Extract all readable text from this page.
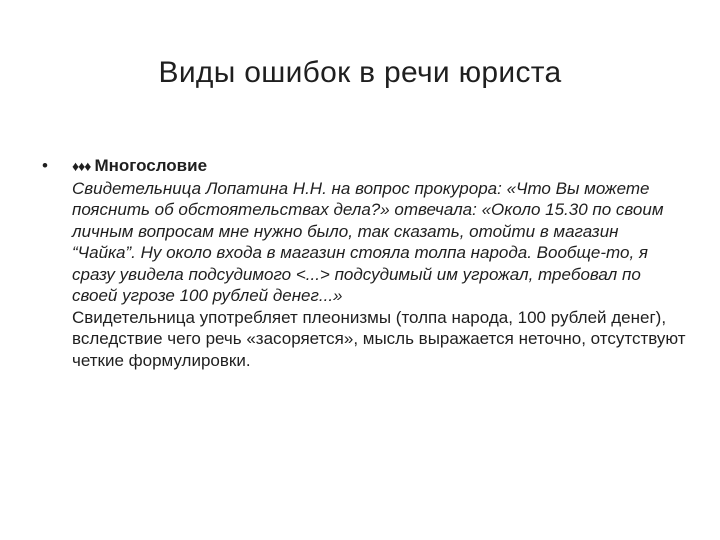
Виды ошибок в речи юриста
• ♦♦♦ Многословие
Свидетельница Лопатина Н.Н. на вопрос прокурора: «Что Вы можете пояснить об обстоятельствах дела?» отвечала: «Около 15.30 по своим личным вопросам мне нужно было, так сказать, отойти в магазин “Чайка”. Ну около входа в магазин стояла толпа народа. Вообще-то, я сразу увидела подсудимого <...> подсудимый им угрожал, требовал по своей угрозе 100 рублей денег...»
Свидетельница употребляет плеонизмы (толпа народа, 100 рублей денег), вследствие чего речь «засоряется», мысль выражается неточно, отсутствуют четкие формулировки.
